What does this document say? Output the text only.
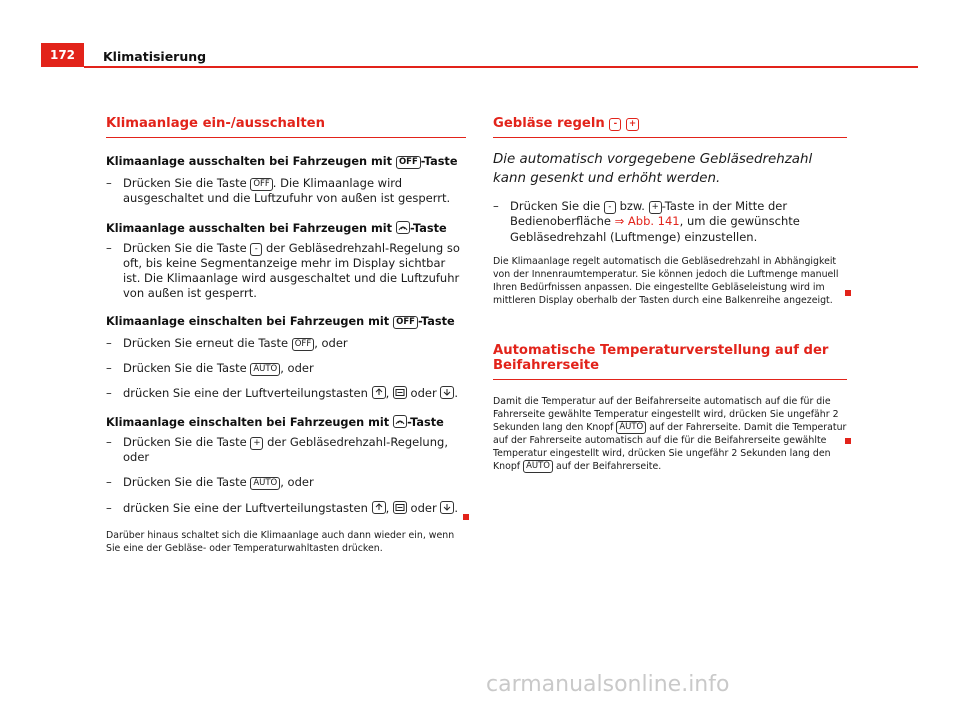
172	Klimatisierung
Klimaanlage ein-/ausschalten

Klimaanlage ausschalten bei Fahrzeugen mit OFF -Taste

– Drücken Sie die Taste OFF . Die Klimaanlage wird ausgeschaltet und die Luftzufuhr von außen ist gesperrt.

Klimaanlage ausschalten bei Fahrzeugen mit
-Taste

– Drücken Sie die Taste - der Gebläsedrehzahl-Regelung so oft, bis keine Segmentanzeige mehr im Display sichtbar ist. Die Klimaanlage wird ausgeschaltet und die Luftzufuhr von außen ist gesperrt.

Klimaanlage einschalten bei Fahrzeugen mit OFF -Taste

– Drücken Sie erneut die Taste OFF , oder
– Drücken Sie die Taste AUTO , oder
– drücken Sie eine der Luftverteilungstasten
,
oder
.

Klimaanlage einschalten bei Fahrzeugen mit
-Taste

– Drücken Sie die Taste + der Gebläsedrehzahl-Regelung, oder
– Drücken Sie die Taste AUTO , oder
– drücken Sie eine der Luftverteilungstasten
,
oder
.

Darüber hinaus schaltet sich die Klimaanlage auch dann wieder ein, wenn Sie eine der Gebläse- oder Temperaturwahltasten drücken.

Gebläse regeln - +

Die automatisch vorgegebene Gebläsedrehzahl kann gesenkt und erhöht werden.

– Drücken Sie die - bzw. + -Taste in der Mitte der Bedienoberfläche ⇒ Abb. 141, um die gewünschte Gebläsedrehzahl (Luftmenge) einzustellen.

Die Klimaanlage regelt automatisch die Gebläsedrehzahl in Abhängigkeit von der Innenraumtemperatur. Sie können jedoch die Luftmenge manuell Ihren Bedürfnissen anpassen. Die eingestellte Gebläseleistung wird im mittleren Display oberhalb der Tasten durch eine Balkenreihe angezeigt.

Automatische Temperaturverstellung auf der Beifahrerseite

Damit die Temperatur auf der Beifahrerseite automatisch auf die für die Fahrerseite gewählte Temperatur eingestellt wird, drücken Sie ungefähr 2 Sekunden lang den Knopf AUTO auf der Fahrerseite. Damit die Temperatur auf der Fahrerseite automatisch auf die für die Beifahrerseite gewählte Temperatur eingestellt wird, drücken Sie ungefähr 2 Sekunden lang den Knopf AUTO auf der Beifahrerseite.

carmanualsonline.info
